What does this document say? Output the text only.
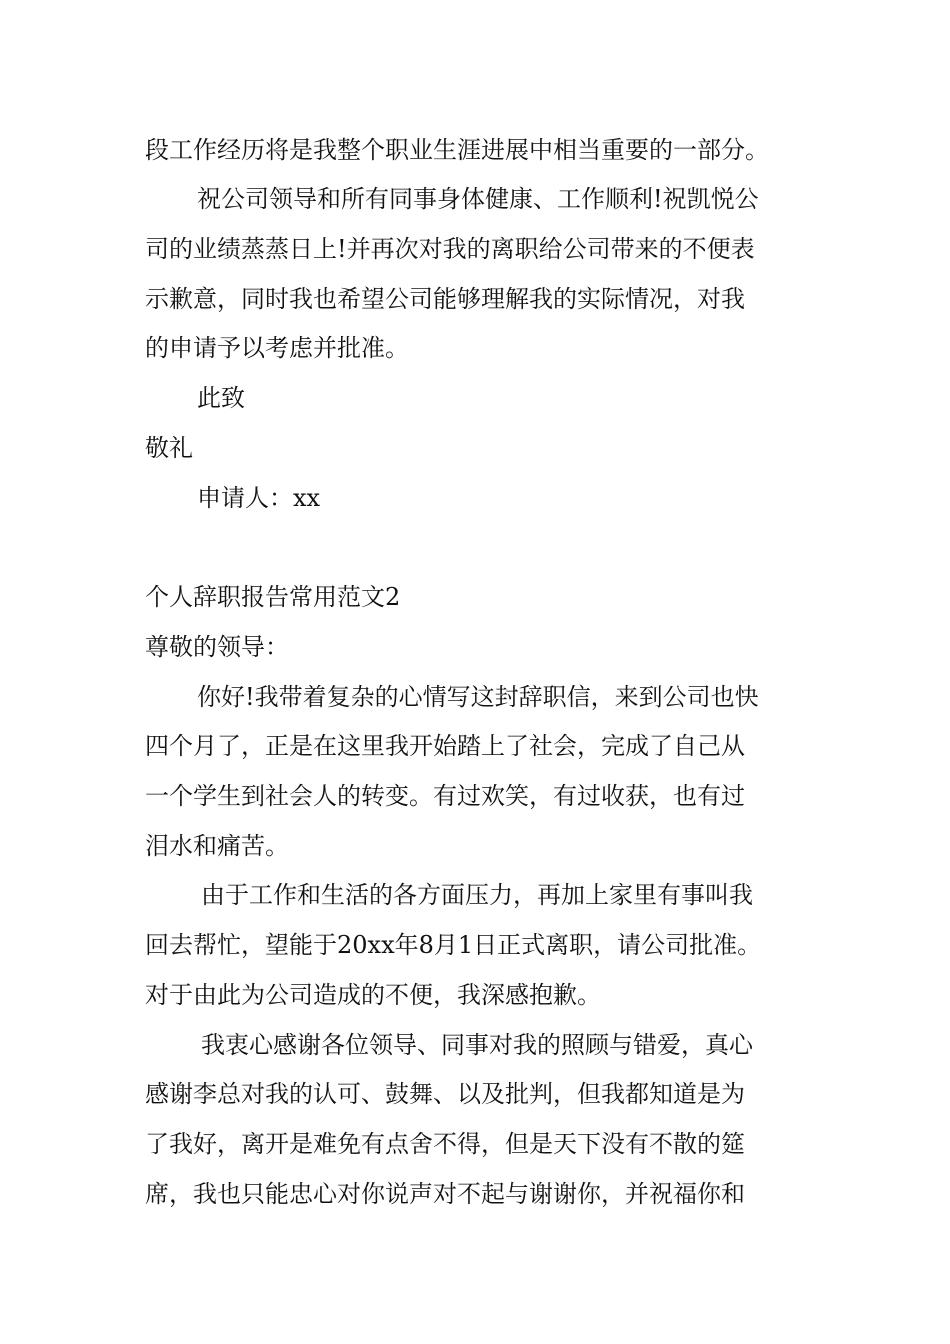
段工作经历将是我整个职业生涯进展中相当重要的一部分。
祝公司领导和所有同事身体健康、工作顺利!祝凯悦公
司的业绩蒸蒸日上!并再次对我的离职给公司带来的不便表
示歉意，同时我也希望公司能够理解我的实际情况，对我
的申请予以考虑并批准。
此致
敬礼
申请人：xx
个人辞职报告常用范文2
尊敬的领导：
你好!我带着复杂的心情写这封辞职信，来到公司也快
四个月了，正是在这里我开始踏上了社会，完成了自己从
一个学生到社会人的转变。有过欢笑，有过收获，也有过
泪水和痛苦。
由于工作和生活的各方面压力，再加上家里有事叫我
回去帮忙，望能于20xx年8月1日正式离职，请公司批准。
对于由此为公司造成的不便，我深感抱歉。
我衷心感谢各位领导、同事对我的照顾与错爱，真心
感谢李总对我的认可、鼓舞、以及批判，但我都知道是为
了我好，离开是难免有点舍不得，但是天下没有不散的筵
席，我也只能忠心对你说声对不起与谢谢你，并祝福你和
